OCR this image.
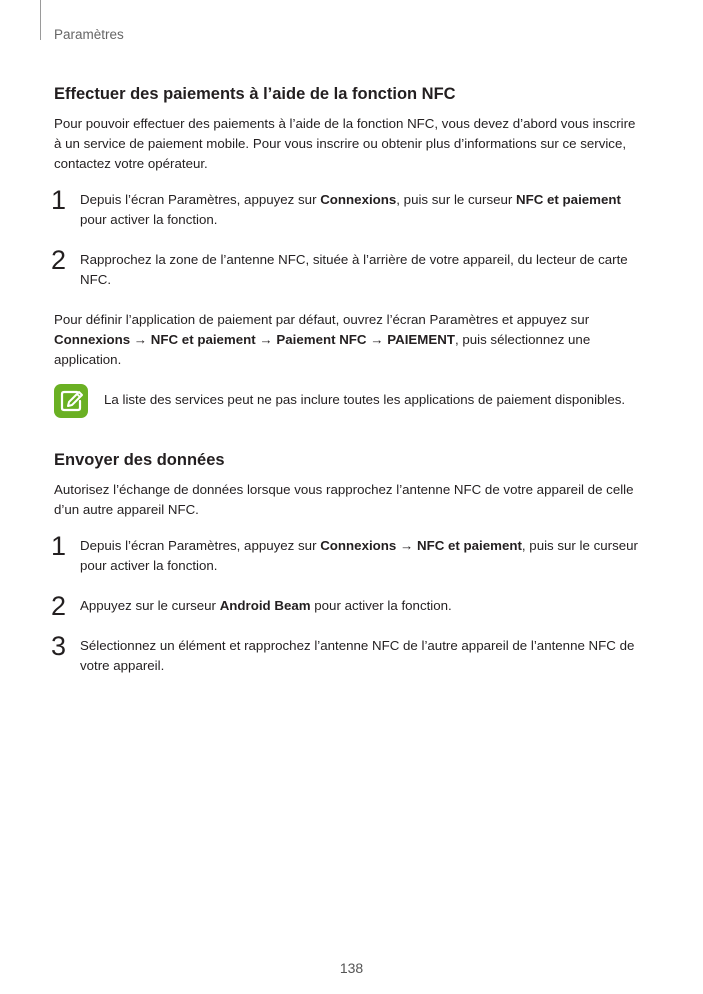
Paramètres
Effectuer des paiements à l’aide de la fonction NFC

Pour pouvoir effectuer des paiements à l’aide de la fonction NFC, vous devez d’abord vous inscrire à un service de paiement mobile. Pour vous inscrire ou obtenir plus d’informations sur ce service, contactez votre opérateur.

1 Depuis l’écran Paramètres, appuyez sur Connexions, puis sur le curseur NFC et paiement pour activer la fonction.
2 Rapprochez la zone de l’antenne NFC, située à l’arrière de votre appareil, du lecteur de carte NFC.

Pour définir l’application de paiement par défaut, ouvrez l’écran Paramètres et appuyez sur Connexions → NFC et paiement → Paiement NFC → PAIEMENT, puis sélectionnez une application.

La liste des services peut ne pas inclure toutes les applications de paiement disponibles.
Envoyer des données

Autorisez l’échange de données lorsque vous rapprochez l’antenne NFC de votre appareil de celle d’un autre appareil NFC.

1 Depuis l’écran Paramètres, appuyez sur Connexions → NFC et paiement, puis sur le curseur pour activer la fonction.
2 Appuyez sur le curseur Android Beam pour activer la fonction.
3 Sélectionnez un élément et rapprochez l’antenne NFC de l’autre appareil de l’antenne NFC de votre appareil.
138
